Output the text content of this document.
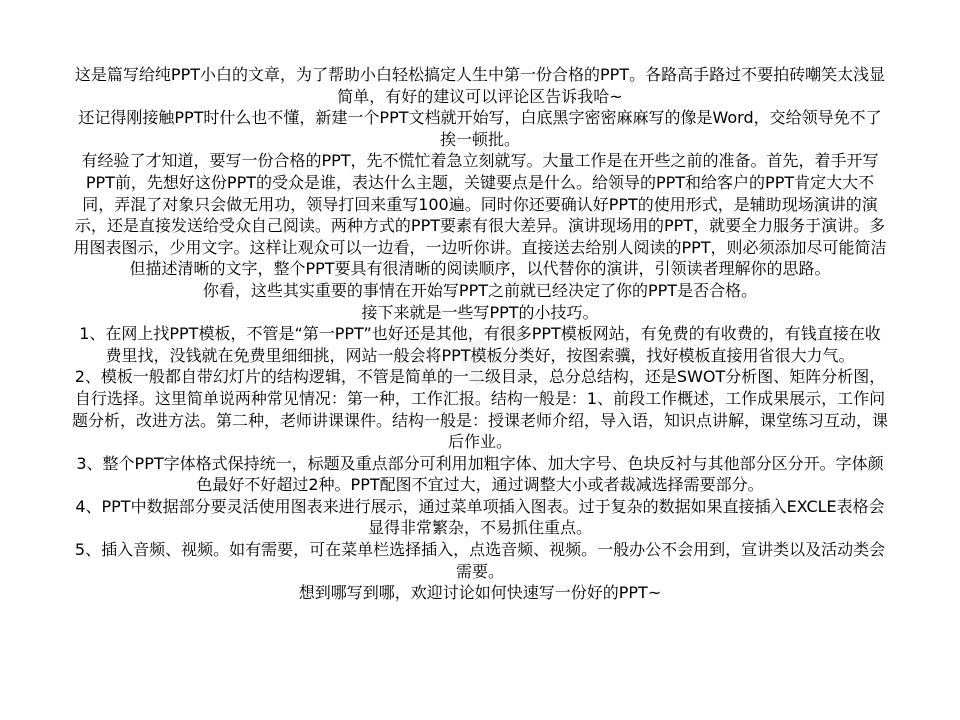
这是篇写给纯PPT小白的文章，为了帮助小白轻松搞定人生中第一份合格的PPT。各路高手路过不要拍砖嘲笑太浅显简单，有好的建议可以评论区告诉我哈~

还记得刚接触PPT时什么也不懂，新建一个PPT文档就开始写，白底黑字密密麻麻写的像是Word，交给领导免不了挨一顿批。

有经验了才知道，要写一份合格的PPT，先不慌忙着急立刻就写。大量工作是在开些之前的准备。首先，着手开写PPT前，先想好这份PPT的受众是谁，表达什么主题，关键要点是什么。给领导的PPT和给客户的PPT肯定大大不同，弄混了对象只会做无用功，领导打回来重写100遍。同时你还要确认好PPT的使用形式，是辅助现场演讲的演示，还是直接发送给受众自己阅读。两种方式的PPT要素有很大差异。演讲现场用的PPT，就要全力服务于演讲。多用图表图示，少用文字。这样让观众可以一边看，一边听你讲。直接送去给别人阅读的PPT，则必须添加尽可能简洁但描述清晰的文字，整个PPT要具有很清晰的阅读顺序，以代替你的演讲，引领读者理解你的思路。

你看，这些其实重要的事情在开始写PPT之前就已经决定了你的PPT是否合格。

接下来就是一些写PPT的小技巧。

1、在网上找PPT模板，不管是“第一PPT”也好还是其他，有很多PPT模板网站，有免费的有收费的，有钱直接在收费里找，没钱就在免费里细细挑，网站一般会将PPT模板分类好，按图索骥，找好模板直接用省很大力气。

2、模板一般都自带幻灯片的结构逻辑，不管是简单的一二级目录，总分总结构，还是SWOT分析图、矩阵分析图，自行选择。这里简单说两种常见情况：第一种，工作汇报。结构一般是：1、前段工作概述，工作成果展示，工作问题分析，改进方法。第二种，老师讲课课件。结构一般是：授课老师介绍，导入语，知识点讲解，课堂练习互动，课后作业。

3、整个PPT字体格式保持统一，标题及重点部分可利用加粗字体、加大字号、色块反衬与其他部分区分开。字体颜色最好不好超过2种。PPT配图不宜过大，通过调整大小或者裁减选择需要部分。

4、PPT中数据部分要灵活使用图表来进行展示，通过菜单项插入图表。过于复杂的数据如果直接插入EXCLE表格会显得非常繁杂，不易抓住重点。

5、插入音频、视频。如有需要，可在菜单栏选择插入，点选音频、视频。一般办公不会用到，宣讲类以及活动类会需要。

想到哪写到哪，欢迎讨论如何快速写一份好的PPT~
